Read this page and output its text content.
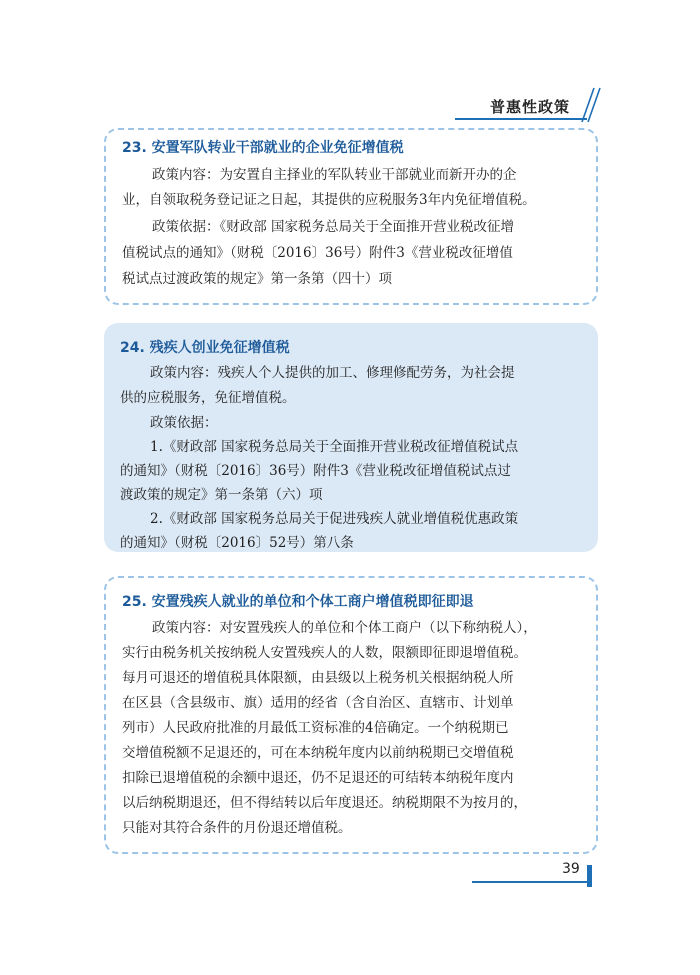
普惠性政策
23. 安置军队转业干部就业的企业免征增值税
政策内容：为安置自主择业的军队转业干部就业而新开办的企
业，自领取税务登记证之日起，其提供的应税服务3年内免征增值税。
政策依据：《财政部 国家税务总局关于全面推开营业税改征增
值税试点的通知》（财税〔2016〕36号）附件3《营业税改征增值
税试点过渡政策的规定》第一条第（四十）项
24. 残疾人创业免征增值税
政策内容：残疾人个人提供的加工、修理修配劳务，为社会提
供的应税服务，免征增值税。
政策依据：
1.《财政部 国家税务总局关于全面推开营业税改征增值税试点
的通知》（财税〔2016〕36号）附件3《营业税改征增值税试点过
渡政策的规定》第一条第（六）项
2.《财政部 国家税务总局关于促进残疾人就业增值税优惠政策
的通知》（财税〔2016〕52号）第八条
25. 安置残疾人就业的单位和个体工商户增值税即征即退
政策内容：对安置残疾人的单位和个体工商户（以下称纳税人），
实行由税务机关按纳税人安置残疾人的人数，限额即征即退增值税。
每月可退还的增值税具体限额，由县级以上税务机关根据纳税人所
在区县（含县级市、旗）适用的经省（含自治区、直辖市、计划单
列市）人民政府批准的月最低工资标准的4倍确定。一个纳税期已
交增值税额不足退还的，可在本纳税年度内以前纳税期已交增值税
扣除已退增值税的余额中退还，仍不足退还的可结转本纳税年度内
以后纳税期退还，但不得结转以后年度退还。纳税期限不为按月的，
只能对其符合条件的月份退还增值税。
39
